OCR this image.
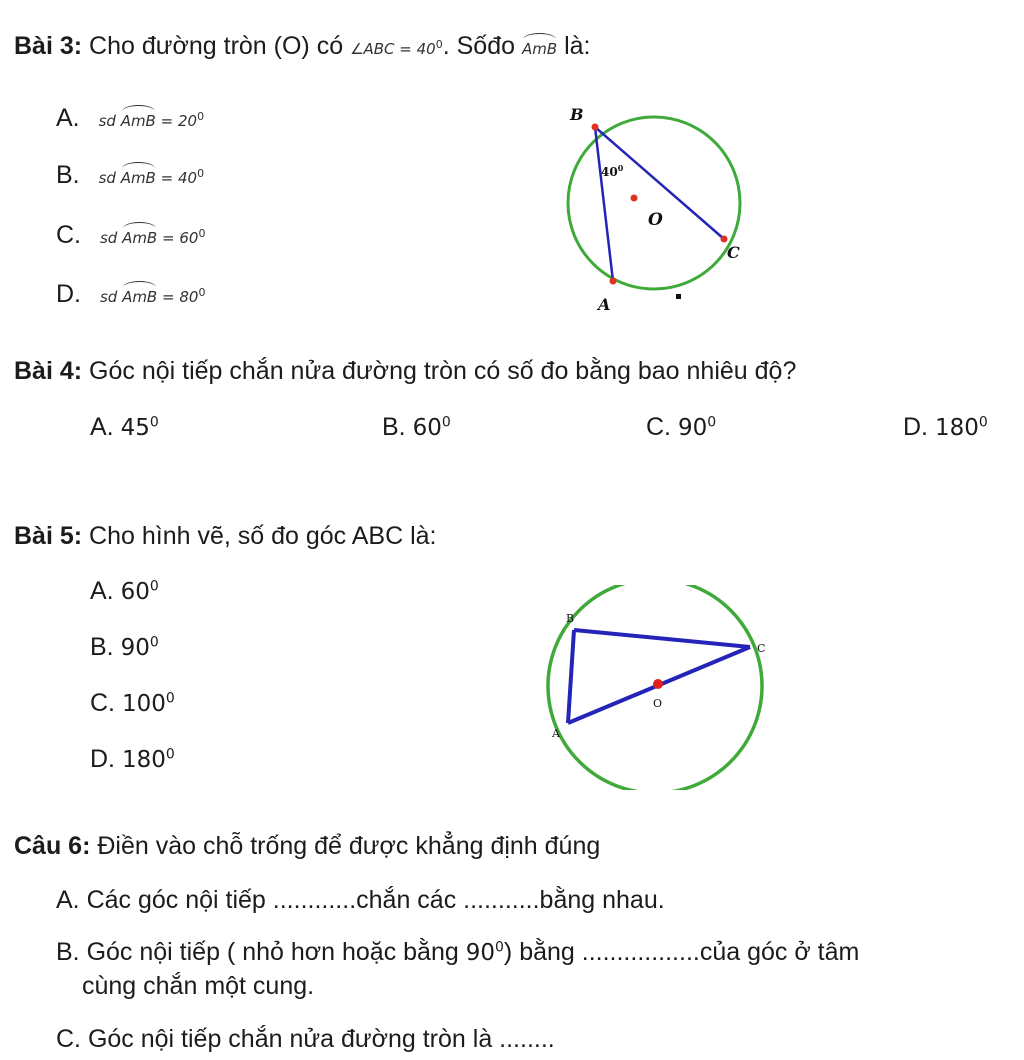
Bài 3: Cho đường tròn (O) có ∠ABC = $40^0$. Sốđo AmB là:
A. sd AmB = $20^0$
B. sd AmB = $40^0$
C. sd AmB = $60^0$
D. sd AmB = $80^0$
B
C
A
O
$40^0$
Bài 4: Góc nội tiếp chắn nửa đường tròn có số đo bằng bao nhiêu độ?
A. $45^0$	B. $60^0$	C. $90^0$	D. $180^0$
Bài 5: Cho hình vẽ, số đo góc ABC là:
A. $60^0$
B. $90^0$
C. $100^0$
D. $180^0$
B
C
A
O
Câu 6: Điền vào chỗ trống để được khẳng định đúng
A. Các góc nội tiếp ............chắn các ...........bằng nhau.
B. Góc nội tiếp ( nhỏ hơn hoặc bằng $90^0$) bằng .................của góc ở tâm
cùng chắn một cung.
C. Góc nội tiếp chắn nửa đường tròn là ........
